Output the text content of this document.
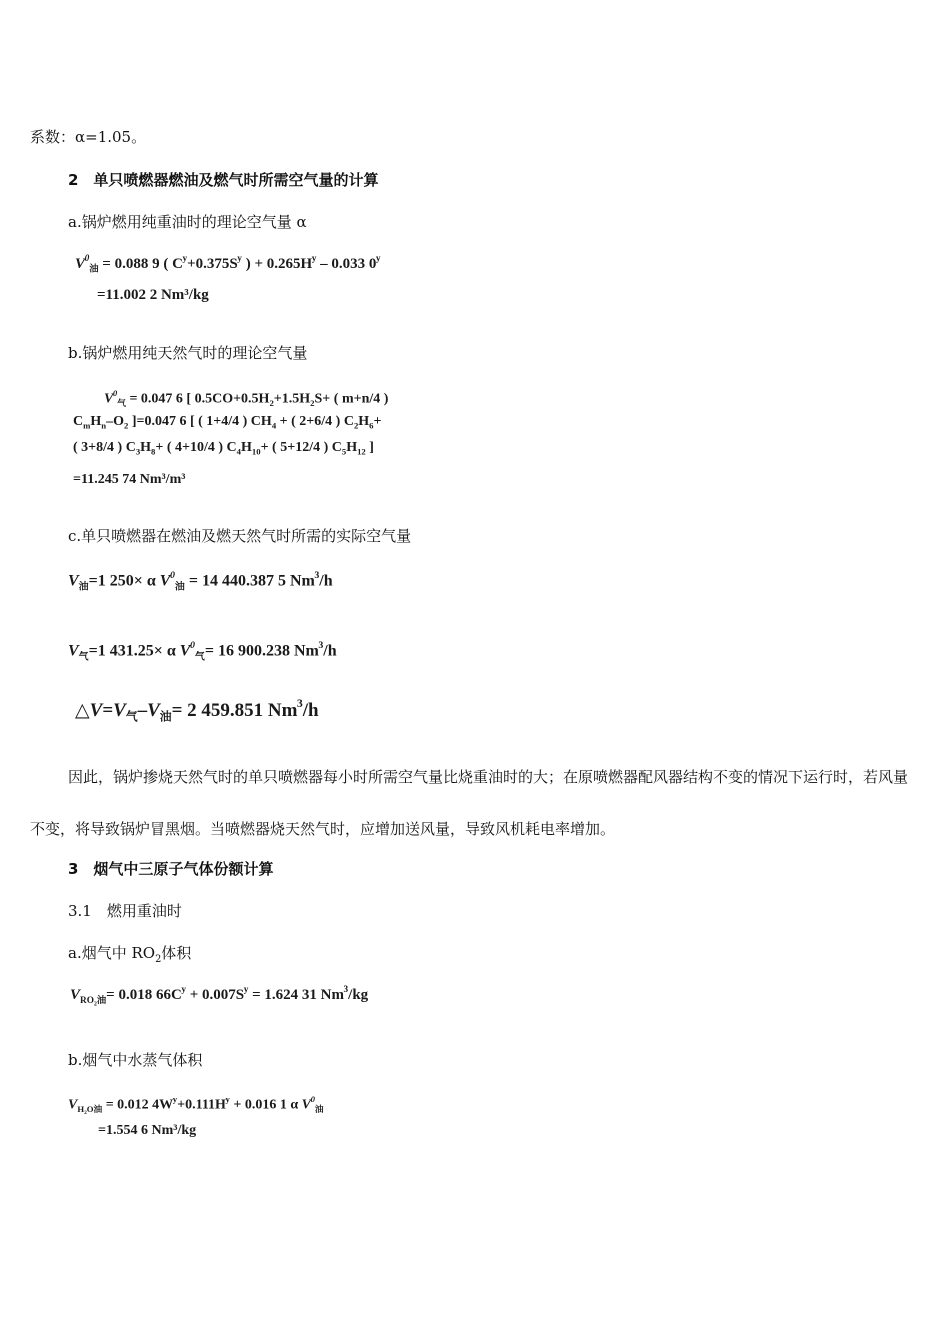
系数：α=1.05。
2　单只喷燃器燃油及燃气时所需空气量的计算
a.锅炉燃用纯重油时的理论空气量 α
$V^0_油 = 0.088$ 9 ( $C^y+0.375S^y$ ) + $0.265H^y - 0.033$ $0^y$
=11.002 2 Nm³/kg
b.锅炉燃用纯天然气时的理论空气量
$V^0_气 = 0.047$ 6 [ $0.5CO+0.5H_2+1.5H_2S+$ ( m+n/4 )
$C_mH_n-O_2$ ]=0.047 6 [ ( 1+4/4 ) $CH_4$ + ( 2+6/4 ) $C_2H_6+$
( 3+8/4 ) $C_3H_8+$ ( 4+10/4 ) $C_4H_{10}+$ ( 5+12/4 ) $C_5H_{12}$ ]
=11.245 74 Nm³/m³
c.单只喷燃器在燃油及燃天然气时所需的实际空气量
$V_油=1$ 250× α $V^0_油 = 14$ 440.387 5 Nm$^3$/h
$V_气=1$ 431.25× α $V^0_气= 16$ 900.238 Nm$^3$/h
$\triangle V=V_气-V_油= 2$ 459.851 Nm$^3$/h
因此，锅炉掺烧天然气时的单只喷燃器每小时所需空气量比烧重油时的大；在原喷燃器配风器结构不变的情况下运行时，若风量不变，将导致锅炉冒黑烟。当喷燃器烧天然气时，应增加送风量，导致风机耗电率增加。
3　烟气中三原子气体份额计算
3.1　燃用重油时
a.烟气中 $RO_2$体积
$V_{RO_2油}= 0.018$ $66C^y + 0.007S^y = 1.624$ 31 Nm$^3$/kg
b.烟气中水蒸气体积
$V_{H_2O油} = 0.012$ $4W^y+0.111H^y + 0.016$ 1 α $V^0_油$
=1.554 6 Nm³/kg
